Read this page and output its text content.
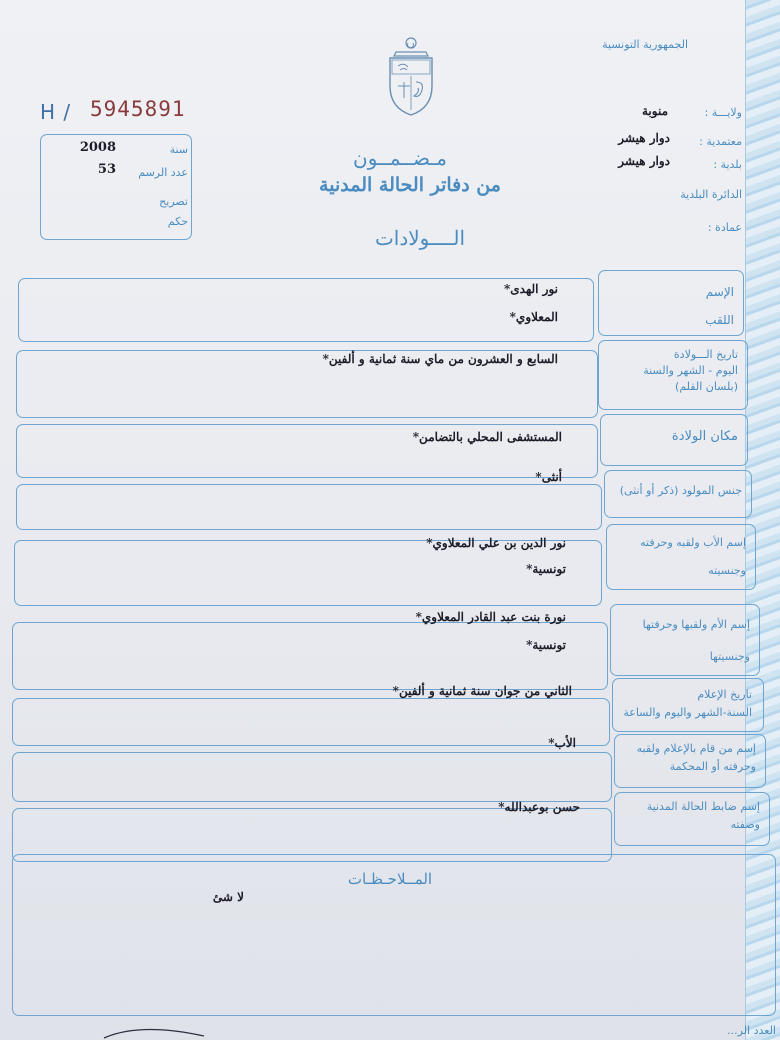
الجمهورية التونسية
ولايـــة :
منوبة
معتمدية :
دوار هيشر
بلدية :
دوار هيشر
الدائرة البلدية
عمادة :
H / 5945891
سنة
2008
عدد الرسم
53
تصريح
حكم
مـضــمــون
من دفاتر الحالة المدنية
الــــولادات
الإسم
اللقب
نور الهدى*
المعلاوي*
تاريخ الـــولادة
اليوم - الشهر والسنة
(بلسان القلم)
السابع و العشرون من ماي سنة ثمانية و ألفين*
مكان الولادة
المستشفى المحلي بالتضامن*
جنس المولود (ذكر أو أنثى)
أنثى*
إسم الأب ولقبه وحرفته
وجنسيته
نور الدين بن علي المعلاوي*
تونسية*
إسم الأم ولقبها وحرفتها
وجنسيتها
نورة بنت عبد القادر المعلاوي*
تونسية*
تاريخ الإعلام
السنة-الشهر واليوم والساعة
الثاني من جوان سنة ثمانية و ألفين*
إسم من قام بالإعلام ولقبه
وحرفته أو المحكمة
الأب*
إسم ضابط الحالة المدنية
وصفته
حسن بوعبدالله*
المــلاحـظـات
لا شئ
العدد الر...
